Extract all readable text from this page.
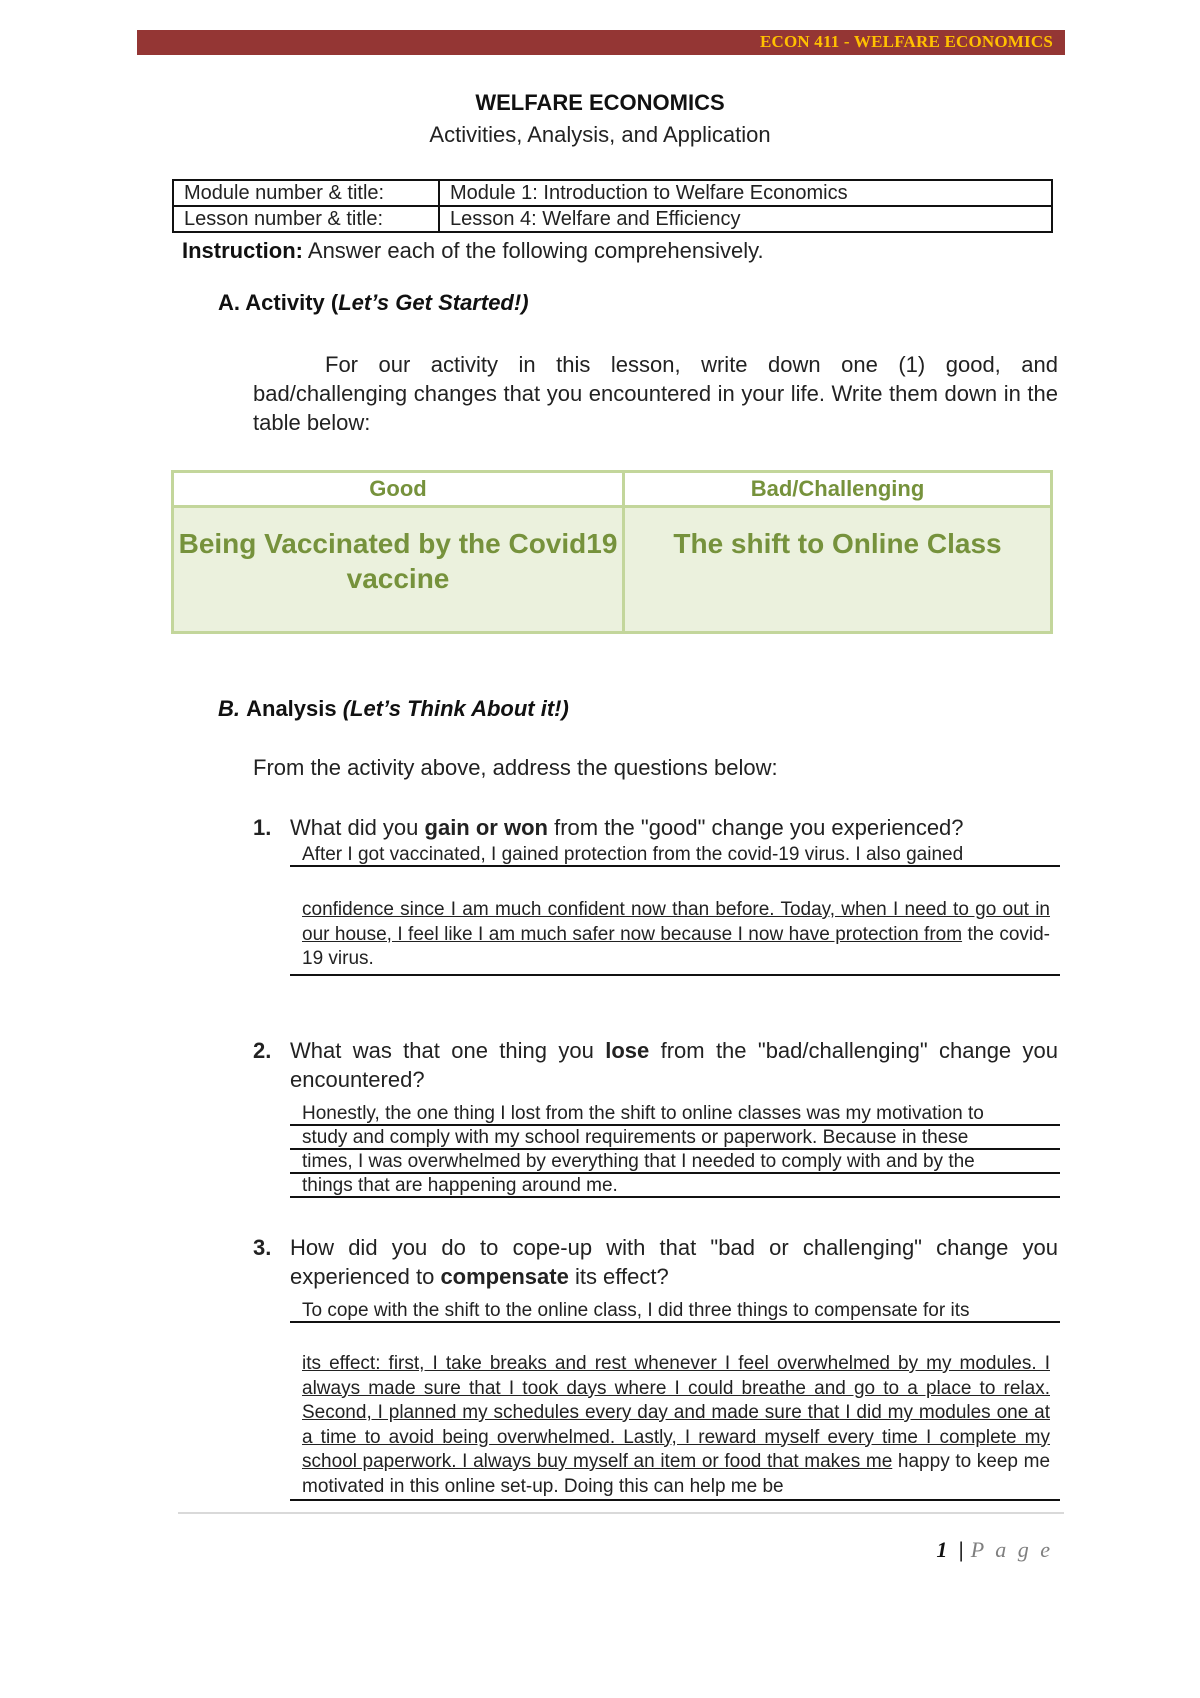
ECON 411 - WELFARE ECONOMICS
WELFARE ECONOMICS
Activities, Analysis, and Application
Module number & title:	Module 1: Introduction to Welfare Economics
Lesson number & title:	Lesson 4: Welfare and Efficiency
Instruction: Answer each of the following comprehensively.
A. Activity (Let’s Get Started!)
For our activity in this lesson, write down one (1) good, and bad/challenging changes that you encountered in your life. Write them down in the table below:
Good	Bad/Challenging
Being Vaccinated by the Covid19 vaccine	The shift to Online Class
B. Analysis (Let’s Think About it!)
From the activity above, address the questions below:
1. What did you gain or won from the "good" change you experienced?
After I got vaccinated, I gained protection from the covid-19 virus. I also gained
confidence since I am much confident now than before. Today, when I need to go out in our house, I feel like I am much safer now because I now have protection from the covid-19 virus.
2. What was that one thing you lose from the "bad/challenging" change you encountered?
Honestly, the one thing I lost from the shift to online classes was my motivation to
study and comply with my school requirements or paperwork. Because in these
times, I was overwhelmed by everything that I needed to comply with and by the
things that are happening around me.
3. How did you do to cope-up with that "bad or challenging" change you experienced to compensate its effect?
To cope with the shift to the online class, I did three things to compensate for its
its effect: first, I take breaks and rest whenever I feel overwhelmed by my modules. I always made sure that I took days where I could breathe and go to a place to relax. Second, I planned my schedules every day and made sure that I did my modules one at a time to avoid being overwhelmed. Lastly, I reward myself every time I complete my school paperwork. I always buy myself an item or food that makes me happy to keep me motivated in this online set-up. Doing this can help me be
1 | P a g e
